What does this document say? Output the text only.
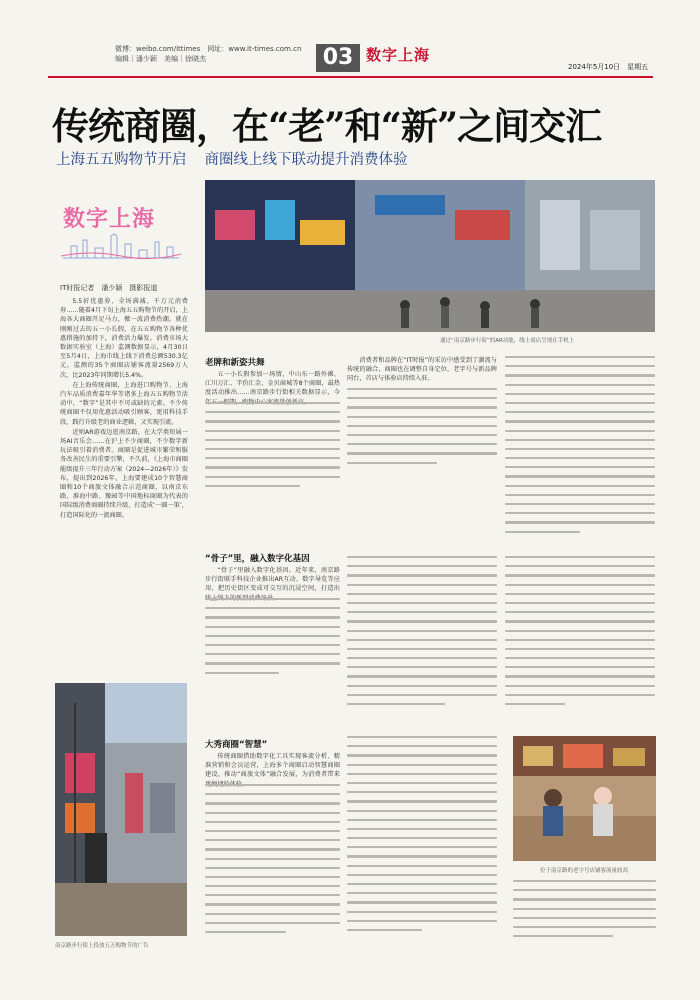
微博：weibo.com/ittimes　网址：www.it-times.com.cn
编辑｜潘少颖　美编｜徐晓杰	03 数字上海
2024年5月10日　星期五
传统商圈，在“老”和“新”之间交汇
上海五五购物节开启 商圈线上线下联动提升消费体验
数字上海
IT时报记者　潘少颖　摄影报道
通过“南京路步行街”的AR功能，线上商店呈现在手机上

5.5折优惠券、全场满减、千万元消费券……随着4月下旬上海五五购物节的开启，上海各大商圈开足马力，掀一波消费热潮。就在刚刚过去的五一小长假，在五五购物节各种优惠措施的加持下，消费活力爆发。消费市场大数据实验室（上海）监测数据显示，4月30日至5月4日，上海市线上线下消费总额530.3亿元，监测的35个商圈店铺客流量2569万人次，比2023年同期增长5.4%。

在上海传统商圈，上海进口购物节、上海汽车品质消费嘉年华等诸多上海五五购物节活动中，“数字”是其中不可或缺的元素。不少传统商圈不仅用优惠活动吸引顾客，更用科技手段，践行升级老的商业逻辑，又实现引流。

近则AR游戏边逛南京路，在大学类短展一场AI音乐会……在沪上不少商圈，不少数字新玩法吸引着消费者。商圈是促进城市繁荣和服务改善民生的重要引擎，不久前，《上海市商圈能级提升三年行动方案（2024—2026年）》发布，提出到2026年，上海要建成10个智慧商圈和10个商旅文体融合示范商圈，以南京东路、淮海中路、豫园等中国地标商圈为代表的国际级消费商圈持续升级，打造成‘一圈一策’，打造国际化的一流商圈。

南京路步行街上投放五五购物节的广告
老牌和新姿共舞

五一小长假参加一场情，中山东一路外滩、江川万汇、半价汇金、金贝商城等8个商圈，最热度活动推出……南京路步行街相关数据显示，今

消费者和品牌在“IT时报”的采访中感受到了潮流与传统的融合，商圈也在调整自身定位，老字号与新品牌同台，首店与体验店持续入驻。

“骨子”里，融入数字化基因

“骨子”里融入数字化基因。近年来，南京路步行街联手科技企业推出AR互动、数字导览等应用，把历史街区变成可交互的沉浸空间，打造出

大秀商圈“智慧”

传统商圈借助数字化工具实现客流分析、精准营销和会员运营，上海多个商圈启动智慧商圈建设，推动“商旅文体”融合发展，为消费者带来

位于南京路的老字号店铺客流量较高
